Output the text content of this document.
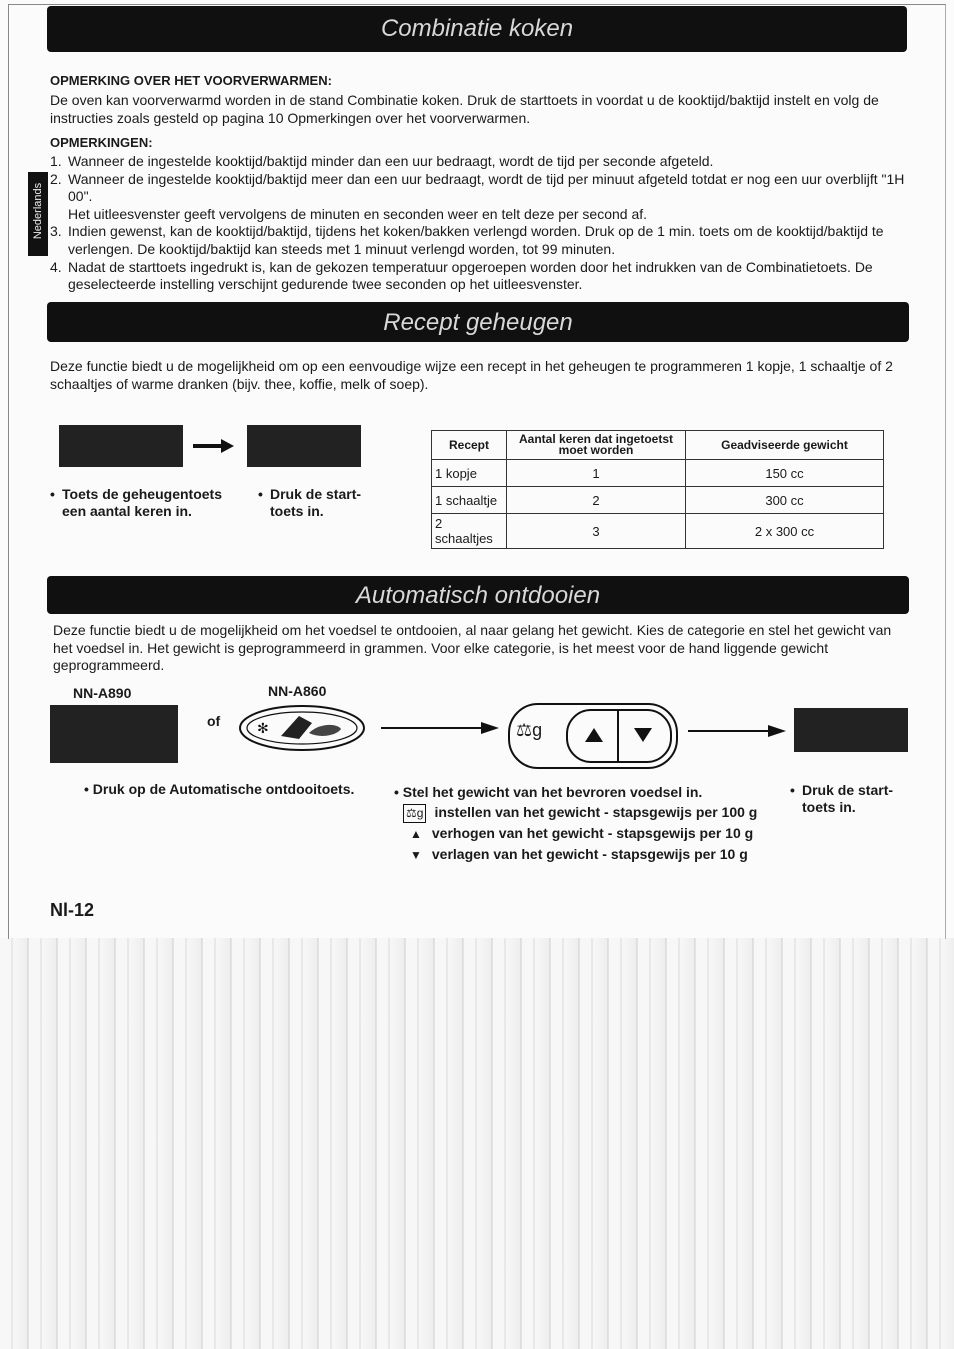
Combinatie koken
Nederlands
OPMERKING OVER HET VOORVERWARMEN:
De oven kan voorverwarmd worden in de stand Combinatie koken. Druk de starttoets in voordat u de kooktijd/baktijd instelt en volg de instructies zoals gesteld op pagina 10 Opmerkingen over het voorverwarmen.
OPMERKINGEN:
1. Wanneer de ingestelde kooktijd/baktijd minder dan een uur bedraagt, wordt de tijd per seconde afgeteld.
2. Wanneer de ingestelde kooktijd/baktijd meer dan een uur bedraagt, wordt de tijd per minuut afgeteld totdat er nog een uur overblijft "1H 00".
Het uitleesvenster geeft vervolgens de minuten en seconden weer en telt deze per second af.
3. Indien gewenst, kan de kooktijd/baktijd, tijdens het koken/bakken verlengd worden. Druk op de 1 min. toets om de kooktijd/baktijd te verlengen. De kooktijd/baktijd kan steeds met 1 minuut verlengd worden, tot 99 minuten.
4. Nadat de starttoets ingedrukt is, kan de gekozen temperatuur opgeroepen worden door het indrukken van de Combinatietoets. De geselecteerde instelling verschijnt gedurende twee seconden op het uitleesvenster.
Recept geheugen
Deze functie biedt u de mogelijkheid om op een eenvoudige wijze een recept in het geheugen te programmeren 1 kopje, 1 schaaltje of 2 schaaltjes of warme dranken (bijv. thee, koffie, melk of soep).
• Toets de geheugentoets een aantal keren in.
• Druk de start-toets in.
Recept	Aantal keren dat ingetoetst moet worden	Geadviseerde gewicht
1 kopje	1	150 cc
1 schaaltje	2	300 cc
2 schaaltjes	3	2 x 300 cc
Automatisch ontdooien
Deze functie biedt u de mogelijkheid om het voedsel te ontdooien, al naar gelang het gewicht. Kies de categorie en stel het gewicht van het voedsel in. Het gewicht is geprogrammeerd in grammen. Voor elke categorie, is het meest voor de hand liggende gewicht geprogrammeerd.
NN-A890	NN-A860
of	✻	⚖g
• Druk op de Automatische ontdooitoets.	• Stel het gewicht van het bevroren voedsel in.
⚖g instellen van het gewicht - stapsgewijs per 100 g
▲ verhogen van het gewicht - stapsgewijs per 10 g
▼ verlagen van het gewicht - stapsgewijs per 10 g
• Druk de start-toets in.
Nl-12
